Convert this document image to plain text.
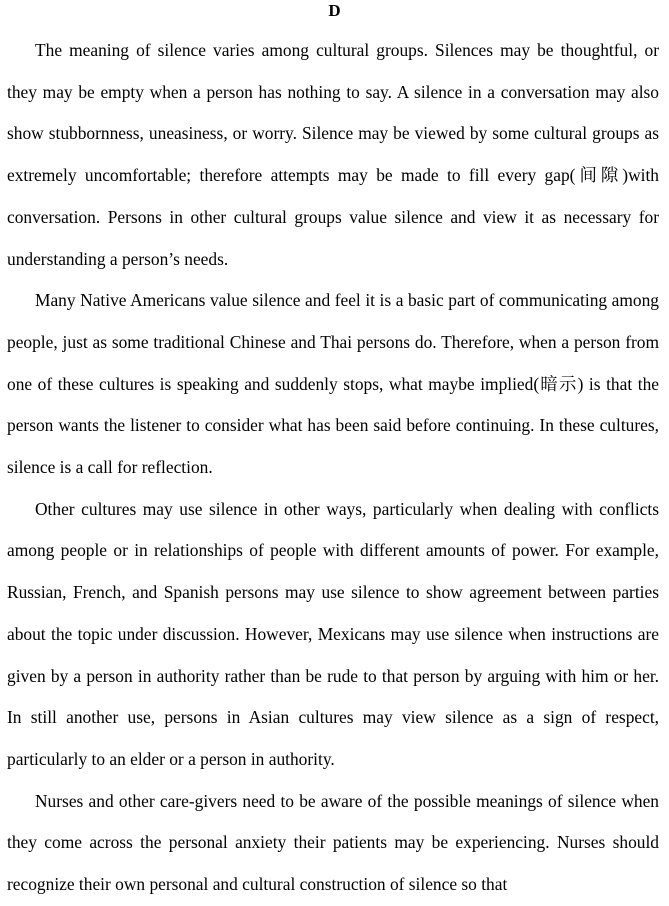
D

The meaning of silence varies among cultural groups. Silences may be thoughtful, or they may be empty when a person has nothing to say. A silence in a conversation may also show stubbornness, uneasiness, or worry. Silence may be viewed by some cultural groups as extremely uncomfortable; therefore attempts may be made to fill every gap(间隙)with conversation. Persons in other cultural groups value silence and view it as necessary for understanding a person’s needs.

Many Native Americans value silence and feel it is a basic part of communicating among people, just as some traditional Chinese and Thai persons do. Therefore, when a person from one of these cultures is speaking and suddenly stops, what maybe implied(暗示) is that the person wants the listener to consider what has been said before continuing. In these cultures, silence is a call for reflection.

Other cultures may use silence in other ways, particularly when dealing with conflicts among people or in relationships of people with different amounts of power. For example, Russian, French, and Spanish persons may use silence to show agreement between parties about the topic under discussion. However, Mexicans may use silence when instructions are given by a person in authority rather than be rude to that person by arguing with him or her. In still another use, persons in Asian cultures may view silence as a sign of respect, particularly to an elder or a person in authority.

Nurses and other care-givers need to be aware of the possible meanings of silence when they come across the personal anxiety their patients may be experiencing. Nurses should recognize their own personal and cultural construction of silence so that
